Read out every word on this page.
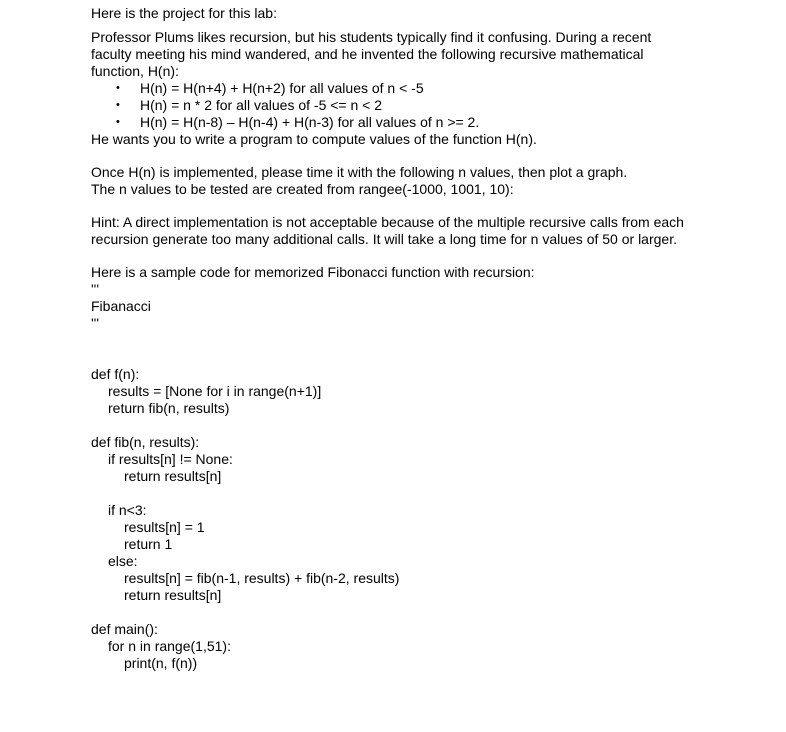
Here is the project for this lab:

Professor Plums likes recursion, but his students typically find it confusing. During a recent

faculty meeting his mind wandered, and he invented the following recursive mathematical

function, H(n):

• H(n) = H(n+4) + H(n+2) for all values of n < -5
• H(n) = n * 2 for all values of -5 <= n < 2
• H(n) = H(n-8) – H(n-4) + H(n-3) for all values of n >= 2.

He wants you to write a program to compute values of the function H(n).

Once H(n) is implemented, please time it with the following n values, then plot a graph.

The n values to be tested are created from rangee(-1000, 1001, 10):

Hint: A direct implementation is not acceptable because of the multiple recursive calls from each

recursion generate too many additional calls. It will take a long time for n values of 50 or larger.

Here is a sample code for memorized Fibonacci function with recursion:

'''

Fibanacci

'''

def f(n):

results = [None for i in range(n+1)]

return fib(n, results)

def fib(n, results):

if results[n] != None:

return results[n]

if n<3:

results[n] = 1

return 1

else:

results[n] = fib(n-1, results) + fib(n-2, results)

return results[n]

def main():

for n in range(1,51):

print(n, f(n))
